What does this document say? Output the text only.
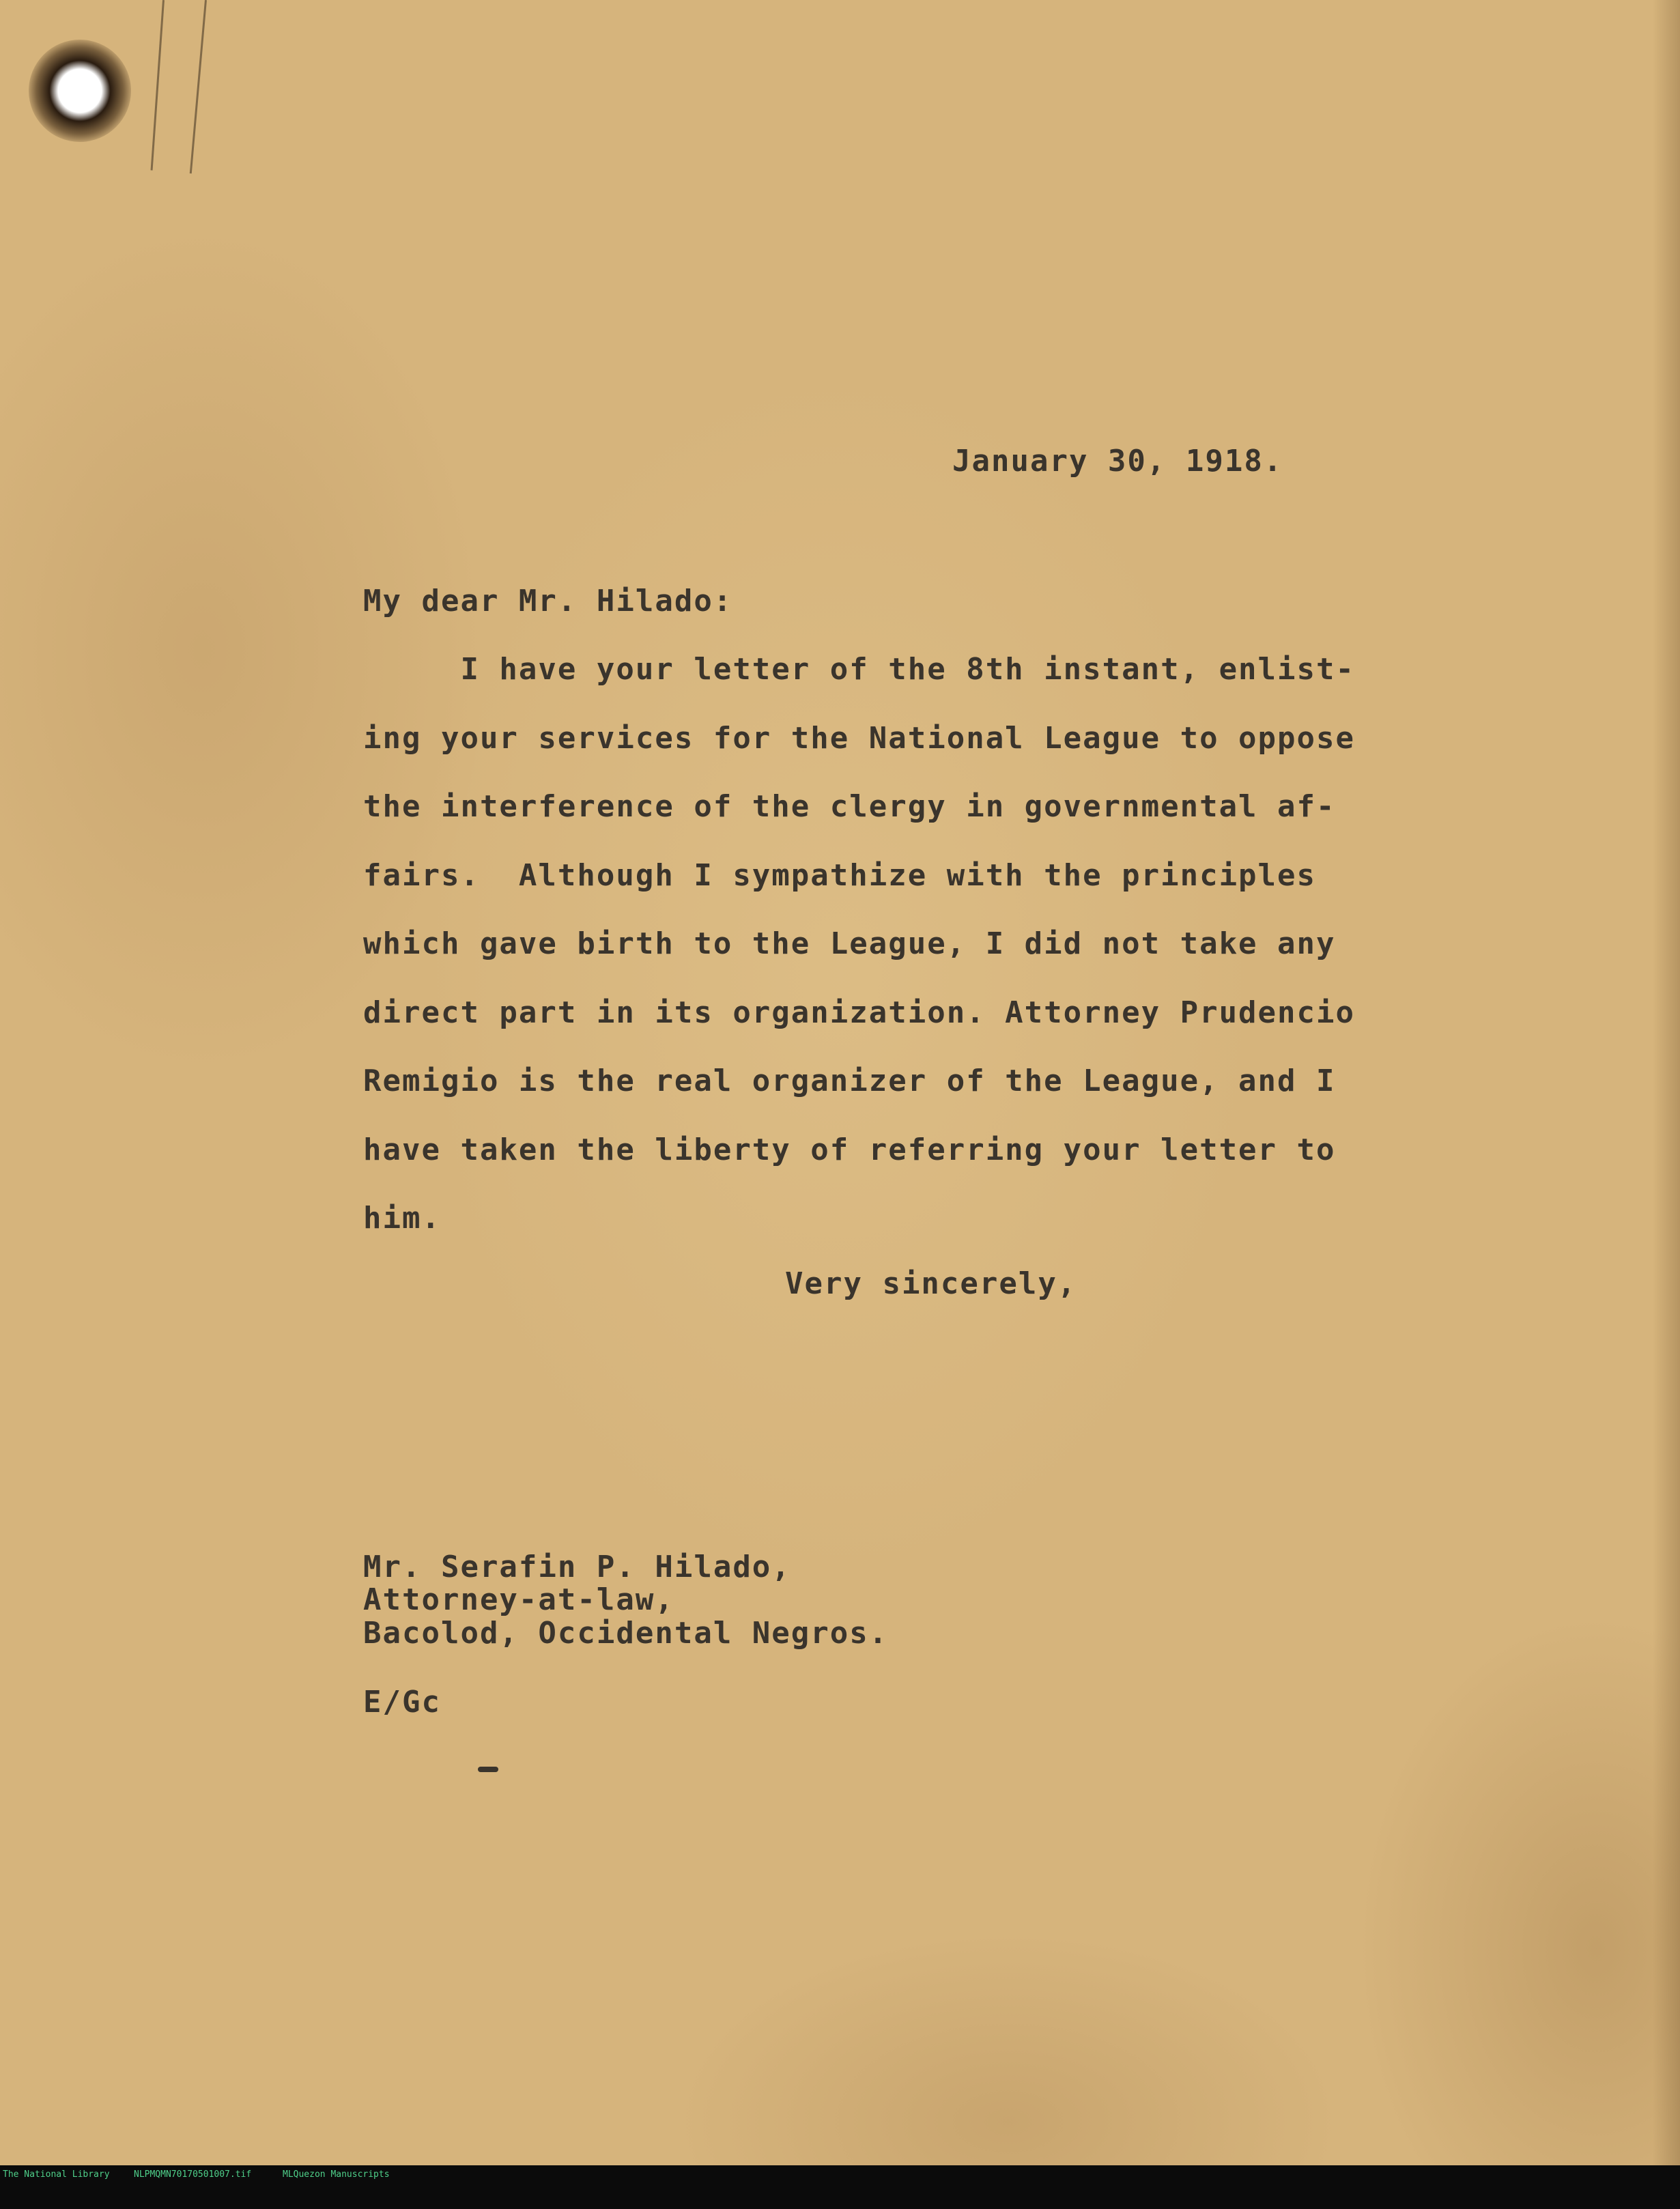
January 30, 1918.
My dear Mr. Hilado:
I have your letter of the 8th instant, enlist-
ing your services for the National League to oppose
the interference of the clergy in governmental af-
fairs.  Although I sympathize with the principles
which gave birth to the League, I did not take any
direct part in its organization. Attorney Prudencio
Remigio is the real organizer of the League, and I
have taken the liberty of referring your letter to
him.
Very sincerely,
Mr. Serafin P. Hilado,
Attorney-at-law,
Bacolod, Occidental Negros.
E/Gc

The National Library

	NLPMQMN70170501007.tif

	MLQuezon Manuscripts
